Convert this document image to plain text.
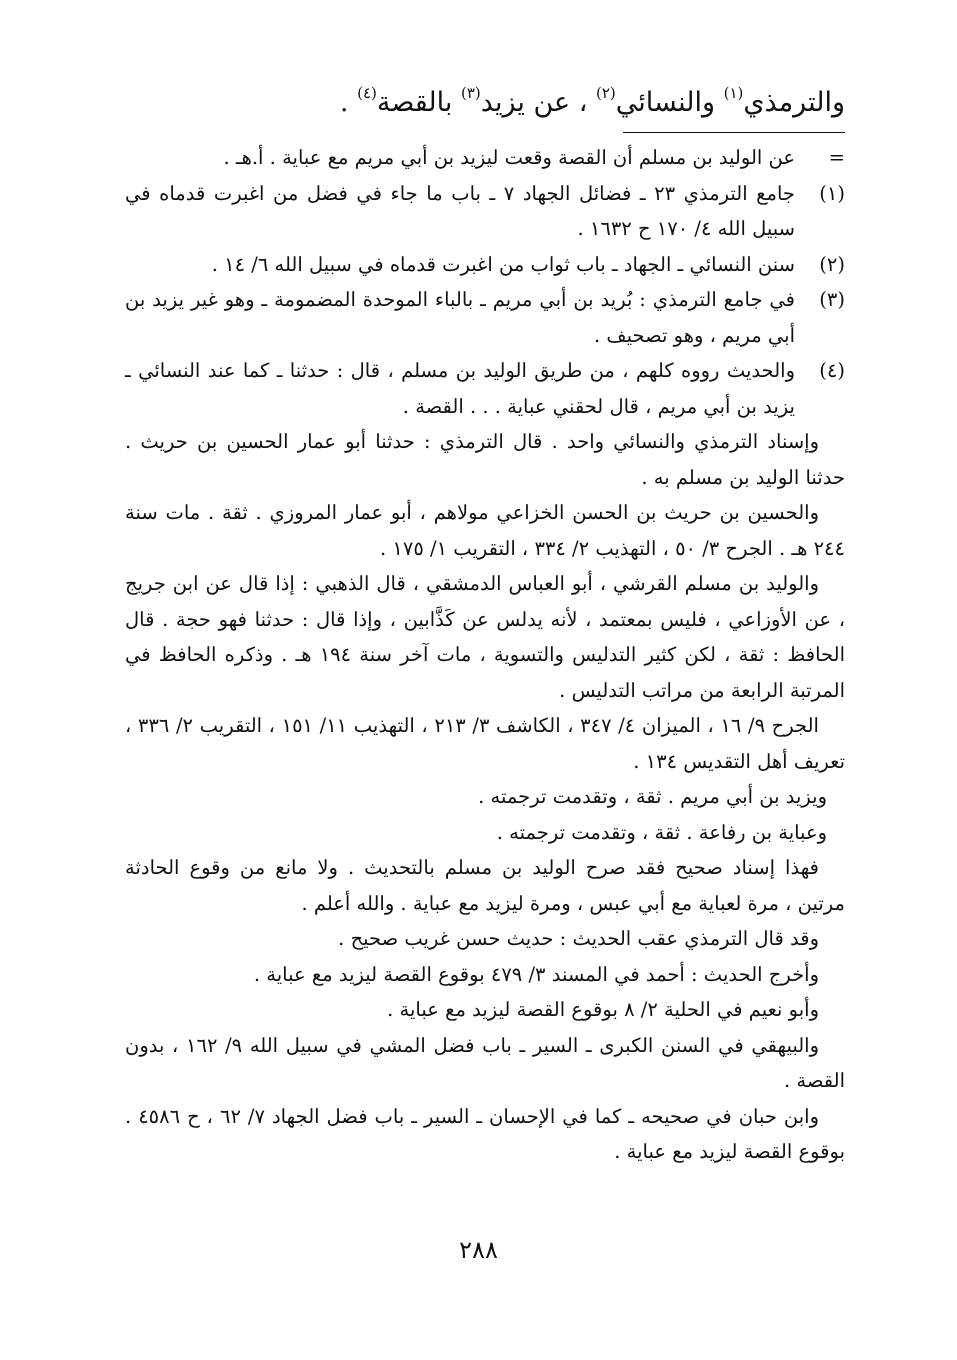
والترمذي$^{(١)}$ والنسائي$^{(٢)}$ ، عن يزيد$^{(٣)}$ بالقصة$^{(٤)}$ .
=

عن الوليد بن مسلم أن القصة وقعت ليزيد بن أبي مريم مع عباية . أ.هـ .

(١)

جامع الترمذي ٢٣ ـ فضائل الجهاد ٧ ـ باب ما جاء في فضل من اغبرت قدماه في سبيل الله ٤/ ١٧٠ ح ١٦٣٢ .

(٢)

سنن النسائي ـ الجهاد ـ باب ثواب من اغبرت قدماه في سبيل الله ٦/ ١٤ .

(٣)

في جامع الترمذي : بُريد بن أبي مريم ـ بالباء الموحدة المضمومة ـ وهو غير يزيد بن أبي مريم ، وهو تصحيف .

(٤)

والحديث رووه كلهم ، من طريق الوليد بن مسلم ، قال : حدثنا ـ كما عند النسائي ـ يزيد بن أبي مريم ، قال لحقني عباية . . . القصة .

وإسناد الترمذي والنسائي واحد . قال الترمذي : حدثنا أبو عمار الحسين بن حريث . حدثنا الوليد بن مسلم به .

والحسين بن حريث بن الحسن الخزاعي مولاهم ، أبو عمار المروزي . ثقة . مات سنة ٢٤٤ هـ . الجرح ٣/ ٥٠ ، التهذيب ٢/ ٣٣٤ ، التقريب ١/ ١٧٥ .

والوليد بن مسلم القرشي ، أبو العباس الدمشقي ، قال الذهبي : إذا قال عن ابن جريج ، عن الأوزاعي ، فليس بمعتمد ، لأنه يدلس عن كَذَّابين ، وإذا قال : حدثنا فهو حجة . قال الحافظ : ثقة ، لكن كثير التدليس والتسوية ، مات آخر سنة ١٩٤ هـ . وذكره الحافظ في المرتبة الرابعة من مراتب التدليس .

الجرح ٩/ ١٦ ، الميزان ٤/ ٣٤٧ ، الكاشف ٣/ ٢١٣ ، التهذيب ١١/ ١٥١ ، التقريب ٢/ ٣٣٦ ، تعريف أهل التقديس ١٣٤ .

ويزيد بن أبي مريم . ثقة ، وتقدمت ترجمته .

وعباية بن رفاعة . ثقة ، وتقدمت ترجمته .

فهذا إسناد صحيح فقد صرح الوليد بن مسلم بالتحديث . ولا مانع من وقوع الحادثة مرتين ، مرة لعباية مع أبي عبس ، ومرة ليزيد مع عباية . والله أعلم .

وقد قال الترمذي عقب الحديث : حديث حسن غريب صحيح .

وأخرج الحديث : أحمد في المسند ٣/ ٤٧٩ بوقوع القصة ليزيد مع عباية .

وأبو نعيم في الحلية ٢/ ٨ بوقوع القصة ليزيد مع عباية .

والبيهقي في السنن الكبرى ـ السير ـ باب فضل المشي في سبيل الله ٩/ ١٦٢ ، بدون القصة .

وابن حبان في صحيحه ـ كما في الإحسان ـ السير ـ باب فضل الجهاد ٧/ ٦٢ ، ح ٤٥٨٦ . بوقوع القصة ليزيد مع عباية .

٢٨٨
